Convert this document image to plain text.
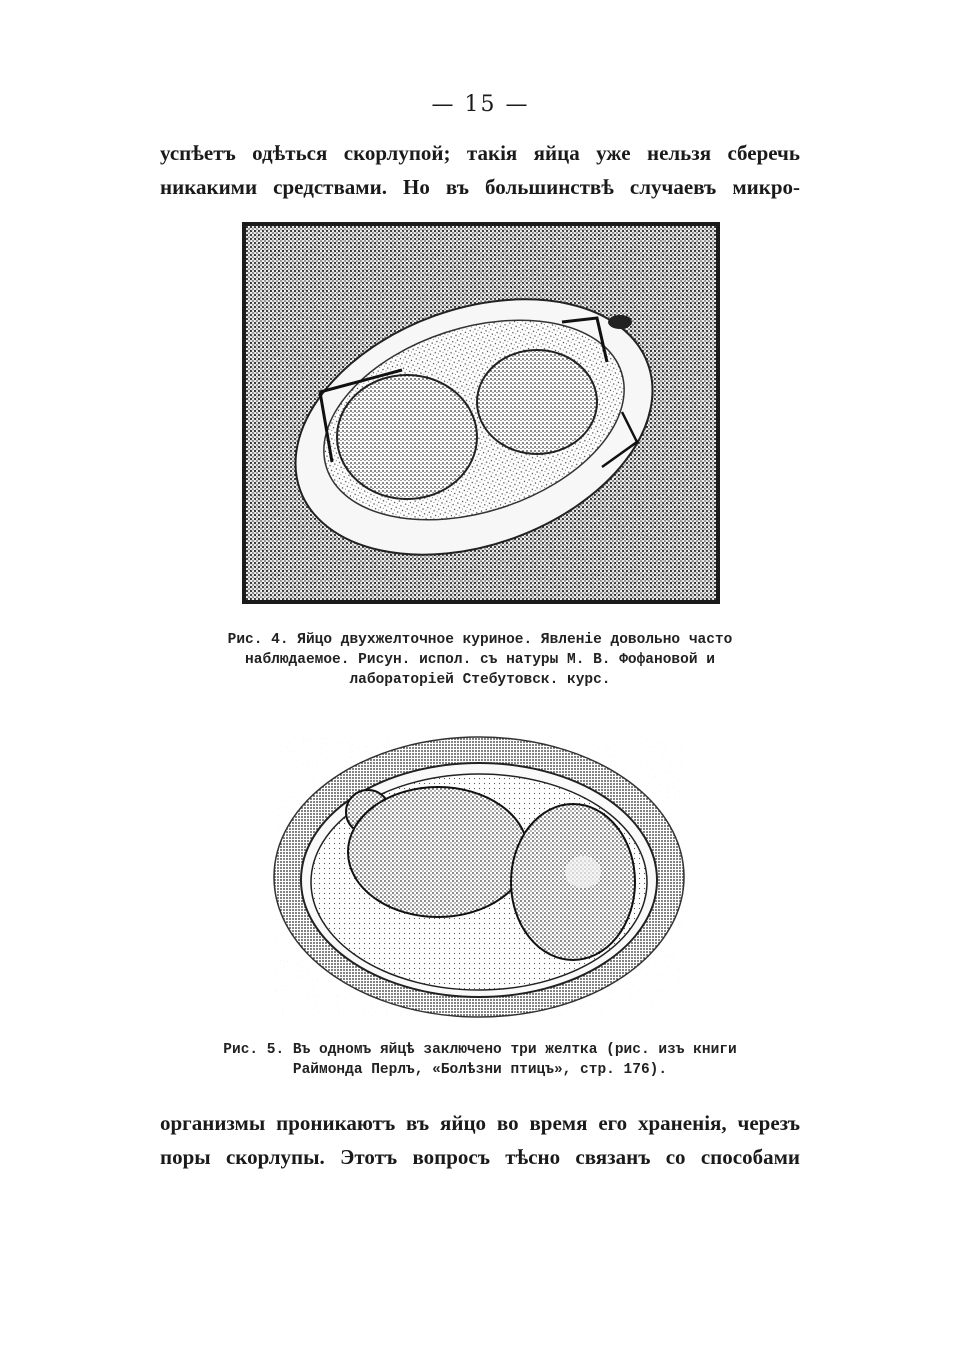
— 15 —

успѣетъ одѣться скорлупой; такія яйца уже нельзя сберечь

никакими средствами. Но въ большинствѣ случаевъ микро-

Рис. 4. Яйцо двухжелточное куриное. Явленіе довольно часто

наблюдаемое. Рисун. испол. съ натуры М. В. Фофановой и

лабораторіей Стебутовск. курс.

Рис. 5. Въ одномъ яйцѣ заключено три желтка (рис. изъ книги

Раймонда Перлъ, «Болѣзни птицъ», стр. 176).

организмы проникаютъ въ яйцо во время его храненія, черезъ

поры скорлупы. Этотъ вопросъ тѣсно связанъ со способами
